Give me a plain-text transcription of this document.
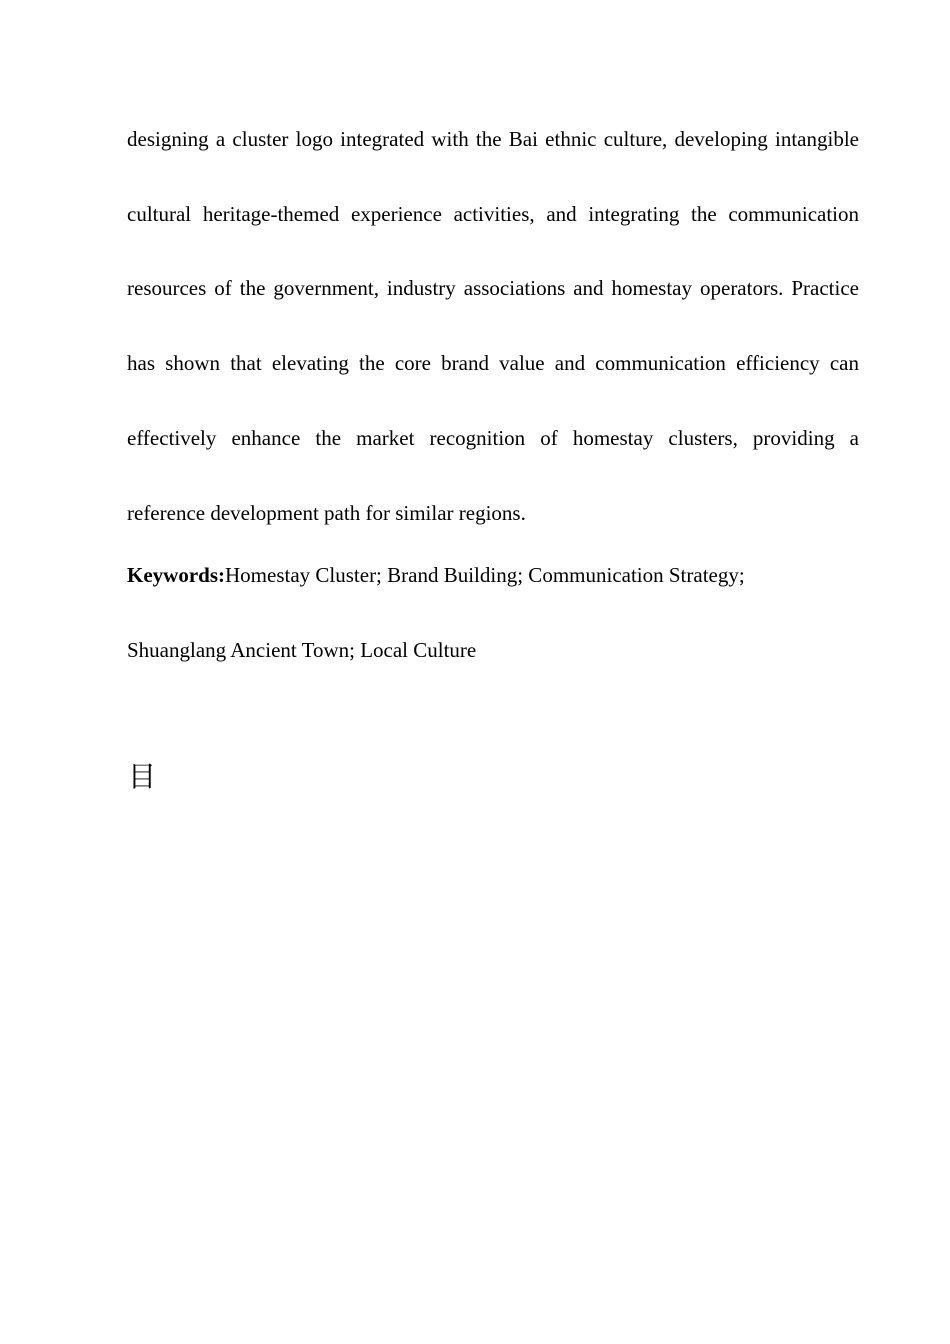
designing a cluster logo integrated with the Bai ethnic culture, developing intangible
cultural heritage-themed experience activities, and integrating the communication
resources of the government, industry associations and homestay operators. Practice
has shown that elevating the core brand value and communication efficiency can
effectively enhance the market recognition of homestay clusters, providing a
reference development path for similar regions.
Keywords:Homestay Cluster; Brand Building; Communication Strategy;
Shuanglang Ancient Town; Local Culture
目
